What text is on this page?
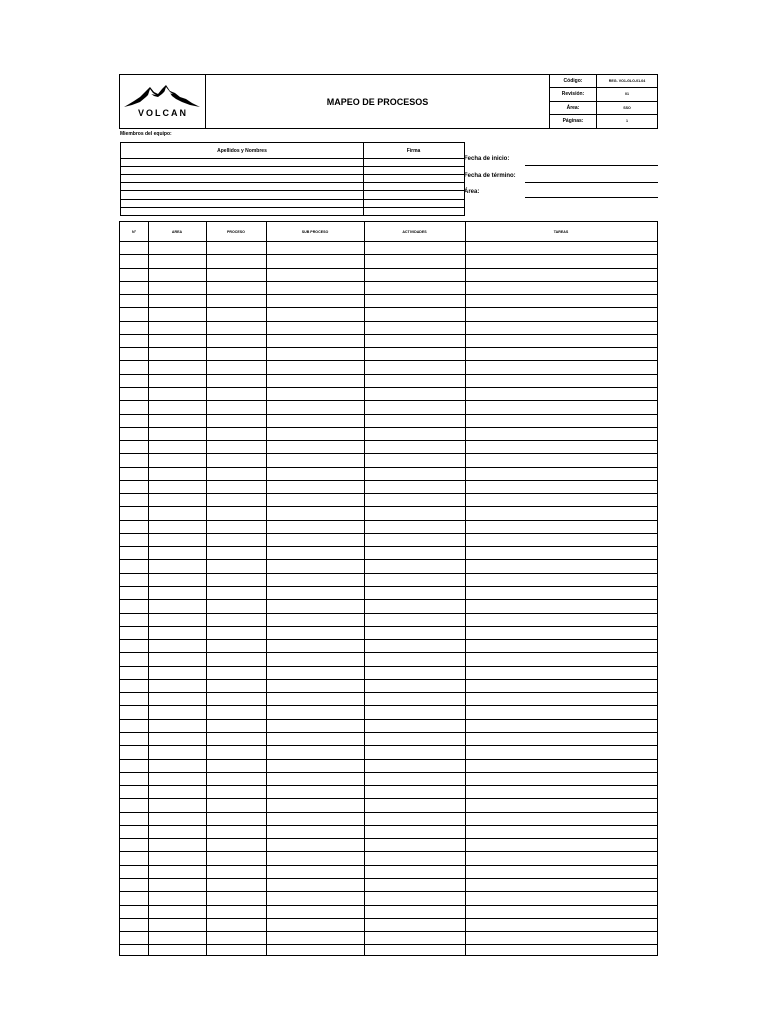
VOLCAN
MAPEO DE PROCESOS
Código:	REG- VO1-GLO-01-04
Revisión:	01
Área:	SSO
Páginas:	1
Miembros del equipo:
Apellidos y Nombres	Firma
Fecha de inicio:
Fecha de término:
Área:
N°	AREA	PROCESO	SUB PROCESO	ACTIVIDADES	TAREAS
